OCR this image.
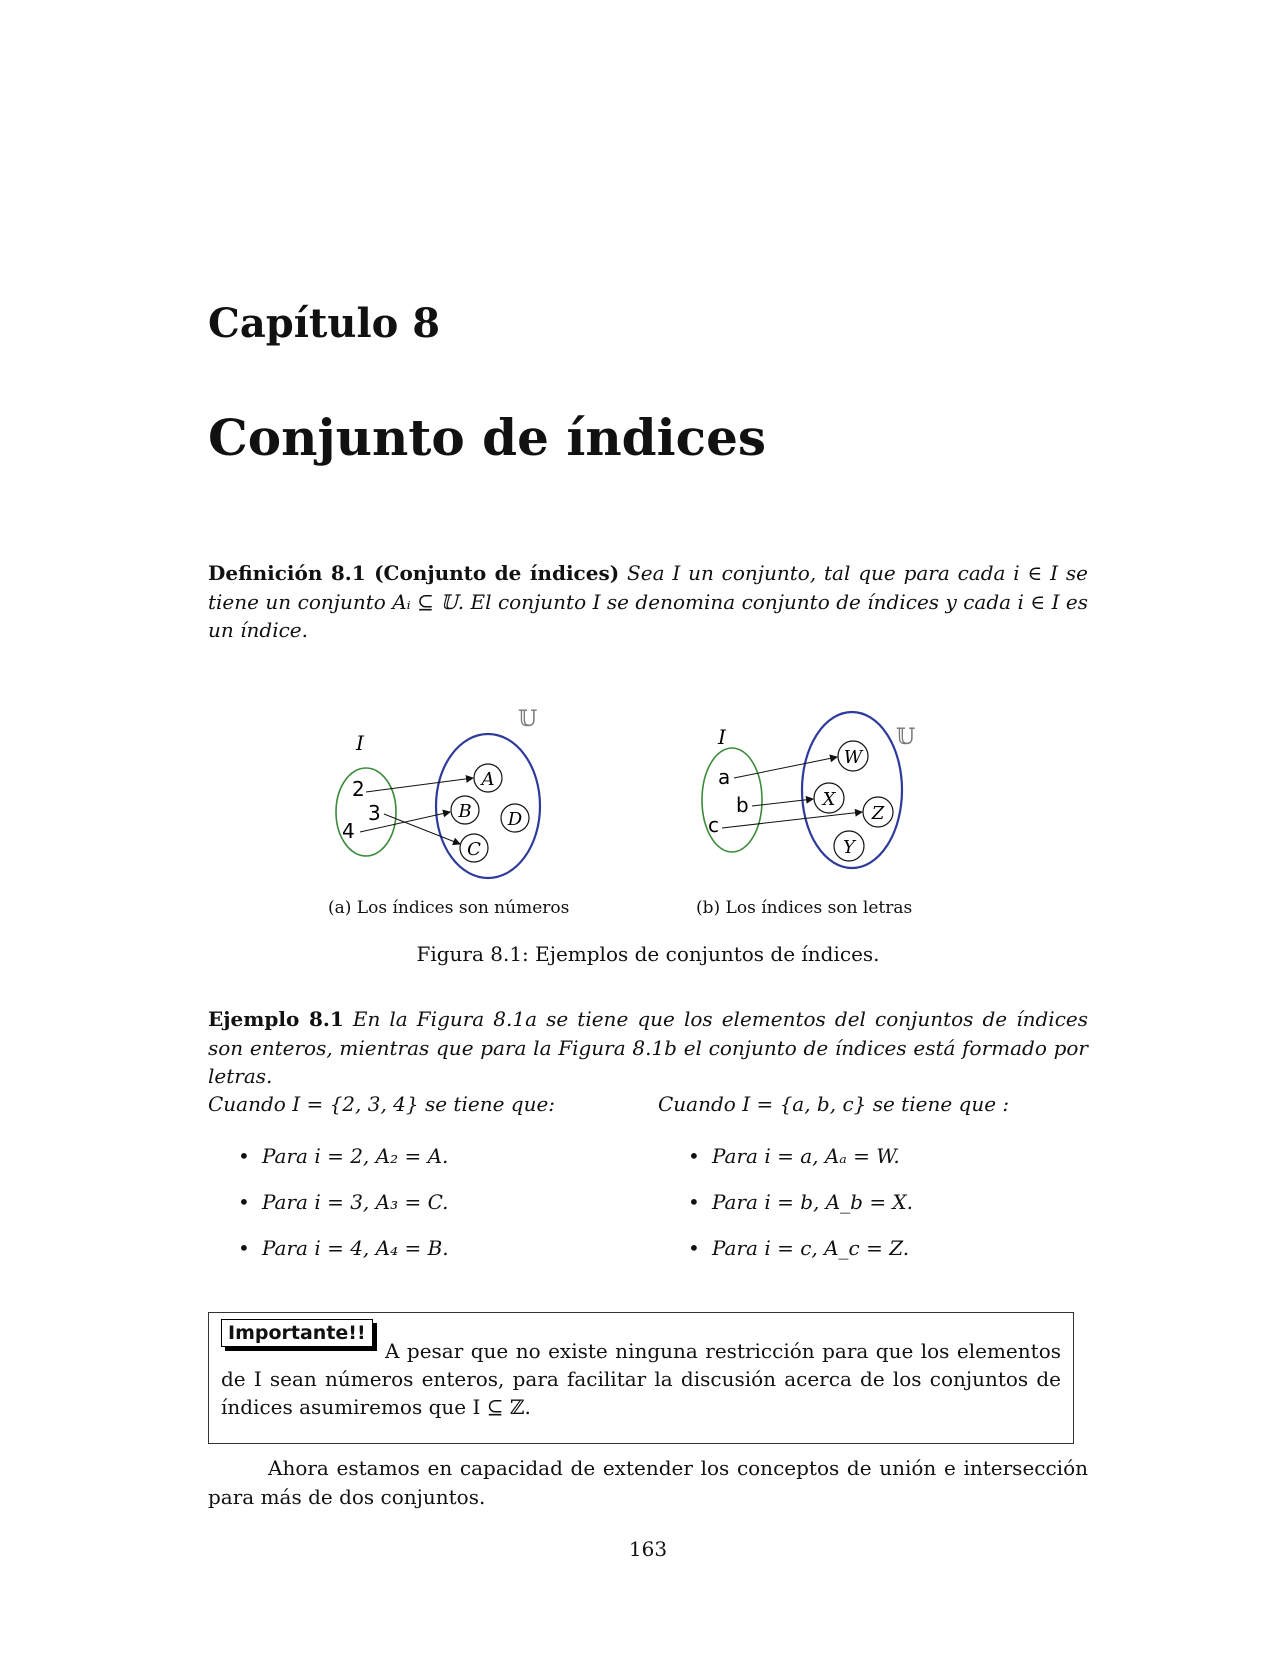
Capítulo 8
Conjunto de índices

Definición 8.1 (Conjunto de índices) Sea I un conjunto, tal que para cada i ∈ I se tiene un conjunto Aᵢ ⊆ 𝕌. El conjunto I se denomina conjunto de índices y cada i ∈ I es un índice.

I
𝕌
2
3
4
A
B
C
D
(a) Los índices son números
I	𝕌
a
b
c
W
X
Z
Y
(b) Los índices son letras
Figura 8.1: Ejemplos de conjuntos de índices.

Ejemplo 8.1 En la Figura 8.1a se tiene que los elementos del conjuntos de índices son enteros, mientras que para la Figura 8.1b el conjunto de índices está formado por letras.

Cuando I = {2, 3, 4} se tiene que:
• Para i = 2, A₂ = A.
• Para i = 3, A₃ = C.
• Para i = 4, A₄ = B.
Cuando I = {a, b, c} se tiene que :
• Para i = a, Aₐ = W.
• Para i = b, A_b = X.
• Para i = c, A_c = Z.
A pesar que no existe ninguna restricción para que los elementos de I sean números enteros, para facilitar la discusión acerca de los conjuntos de índices asumiremos que I ⊆ ℤ.
Importante!!

Ahora estamos en capacidad de extender los conceptos de unión e intersección para más de dos conjuntos.

163
